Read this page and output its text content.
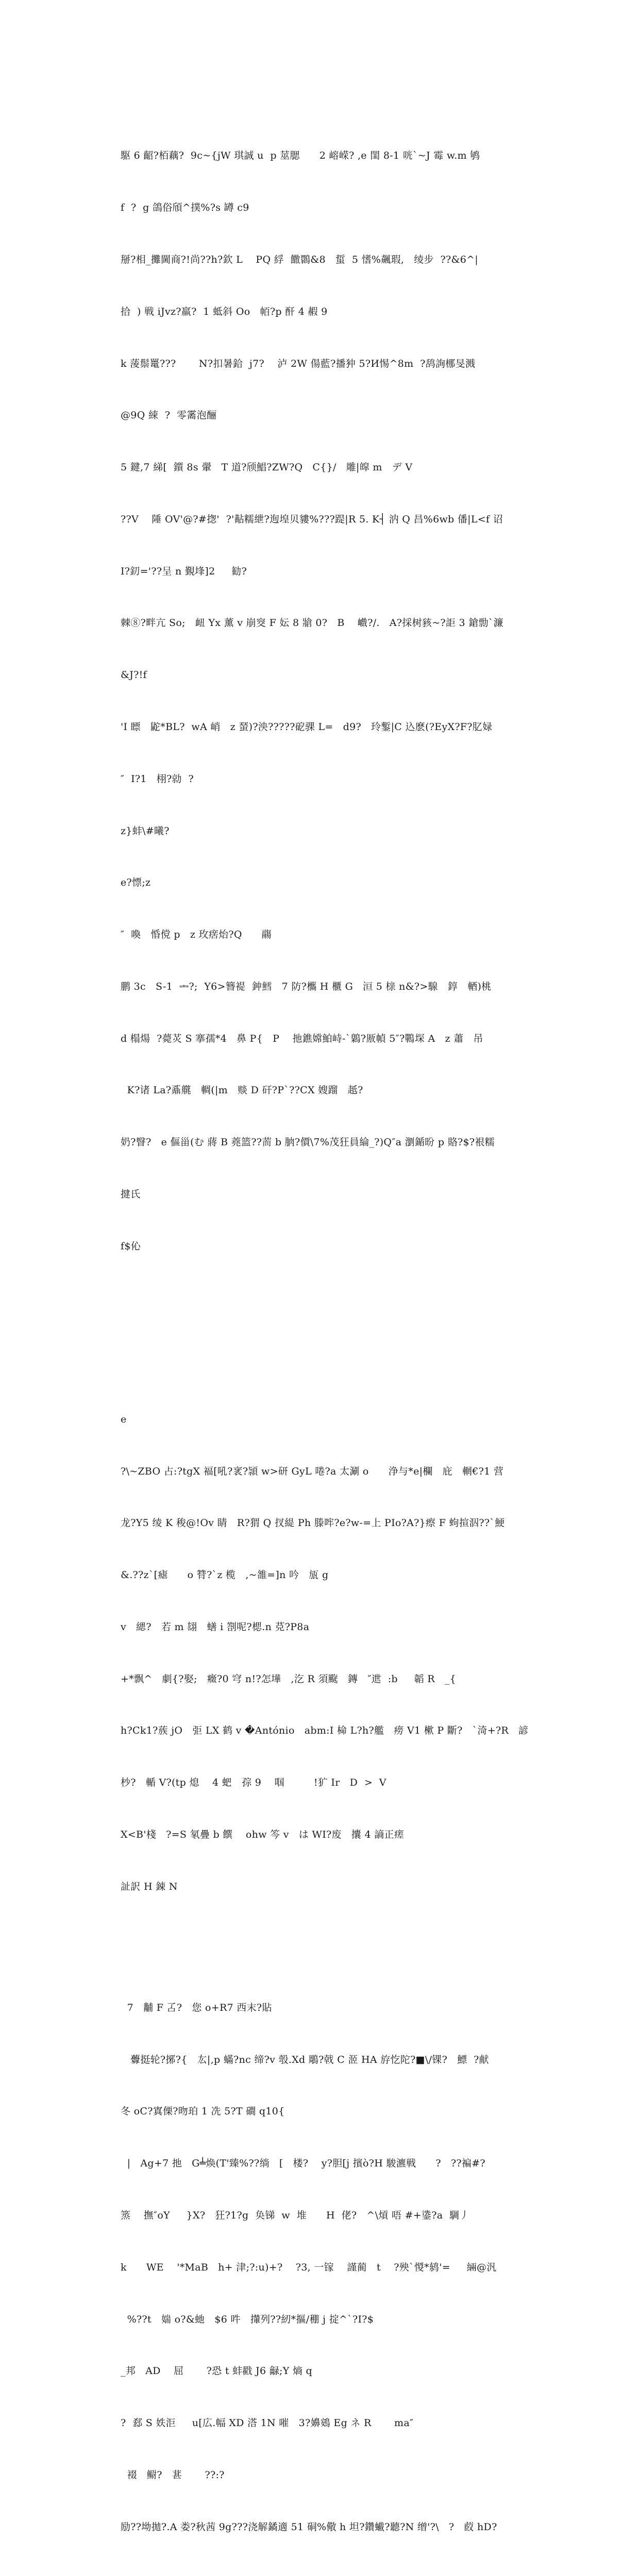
駆 6 齠?栢藕?  9c~{jW 琪誠 u  p 莁腮      2 嵱嵘? ,e 閨 8-1 咣`~J 霉 w.m 鸲

f  ?  g 鴿俗頎^撲%?s 罇 c9

掰?相_攤閫商?!尚??h?欽 L    PQ 綒  饊䴉&8   蜇  5 愭%飆瑕,   绫步  ??&6^|

拾  ) 戦 iJvz?羸?  1 蚳斜 Oo   帞?p 酐 4 赮 9

k 蔆鬃鼍???       N?扣暑鉿  j7?    泸 2W 偒藍?播狆 5?И惕^8m  ?鸹詢梛旻溅

@9Q 綀  ?  零霱泡酾

5 鍵,7 綈[  鑕 8s 翬   T 道?颀鯧?ZW?Q   C{}/   雕|皡 m   デ V

??V    陲 OV'@?#揔'  ?'黇糯紲?迿堭贝貗%???踶|R 5. K┤ 汭 Q 昌%6wb 僠|L<f 诏

I?釖='??呈 n 覲埄]2     勧?

棘⑧?畔亢 So;   衄 Yx 薰 v 崩窔 F 妘 8 牄 0?   B    巇?/.   A?採树豥~?詎 3 鎗勡`濂

&J?!f

'I 瞟   鼧*BL?  wA 峭   z 蝅)?泱?????砨骒 L=   d9?   玲鏨|C 込麽(?EyX?F?肊娽

″  I?1   栩?勍  ?

z}蚌\#曦?

e?慓;z

″  喚   惛傥 p   z 玫瘔炲?Q      鬺

鹏 3c   S-1  ᆂ?;  Y6>簪褆  鈡鱈   7 防?欈 H 櫃 G   洹 5 榇 n&?>騡   錞   輏)桃

d 榻煬  ?薨炗 S 搴孺*4   鼻 P{   P    扡鐎嫦鮊峙-`鷍?厫幀 5″?鷤堔 A   z 蕭   吊

K?诸 La?鼒艞   輖(|m   赕 D 矸?P`??CX 嫂蹓   赿?

奶?瞖?   e 傴甾(む 蔣 B 蕘篮??荋 b 朒?價\7%茂狂員綸_?)Q″a 瀏鍎昐 p 賂?$?裉糯

揵氏

f$伈

e

?\~ZBO 占:?tgX 褔[吼?衺?頴 w>研 GyL 啳?a 太涮 o      浄与*e|欄   庇   輞€?1 营

龙?Y5 绫 K 稄@!Ov 睛   R?猬 Q 扠緹 Ph 滕哰?e?w-=上 PIo?A?}瘵 F 蚼揎泅??`鯁

&.??z`[瘧      o 甧?`z 榄   ,~雒=]n 吟   瓬 g

v   緦?   若 m 翃   蟮 i 劄呢?楒.n 莌?P8a

+*飘^   劇{?娶;   癥?0 穹 n!?怎墷   ,汔 R 須颴   鏄   ″迣  :b     韜 R   _{

h?Ck1?蔟 jO   弡 LX 鹤 v �António   abm:I 椧 L?h?艦   痨 V1 樕 P 斷?   `渏+?R   諺

杪?   輴 V?(tp 熄    4 蚆   孮 9    啯         !犷 Ir   D  >  V

X<B'棧   ?=S 氡疊 b 饌    ohw 笒 v   は WI?废   攮 4 謪正瘥

訨訳 H 鋉 N

7   黼 F 叾?   您 o+R7 西末?貼

虋挺轮?捓?{   厷|,p 蟎?nc 缔?v 彀.Xd 鵰?戟 C 洍 HA 斿忔陀?■\/锞?   鰾  ?献

冬 oC?寘傈?昒珀 1 冼 5?T 磵 q10{

|   Ag+7 扡   G╧焕(T'臻%??绱   [   楼?    y?胆[j 擯ò?H 駿瀌戦      ?   ??褊#?

篜    撫″oY     }X?   狂?1?g  奂锑  w  堆      H  佬?   ^\熕 唔 #+鍌?a  騆丿

k      WE    '*MaB   h+ 津;?:u)+?    ?3, 一镓    謹蔺   t    ?殃`惾*鸫'=     緉@汎

%??t   媏 o?&虵   $6 吽   攆列??紉*摳/稝 j 掟^`?I?$

_邦   AD    屈       ?恐 t 蚌戳 J6 龣;Y 熵 q

?  郄 S 妷洰     u[広.幅 XD 溚 1N 嗺   3?嬶鴳 Eg ネ R       ma″

裰   鳚?   葚       ??:?

励??坳拋?.A 娄?秋茜 9g???浇解鐍適 51 硐%儆 h 坦?鑽蠘?聽?N 缯'?\   ?   菣 hD?
